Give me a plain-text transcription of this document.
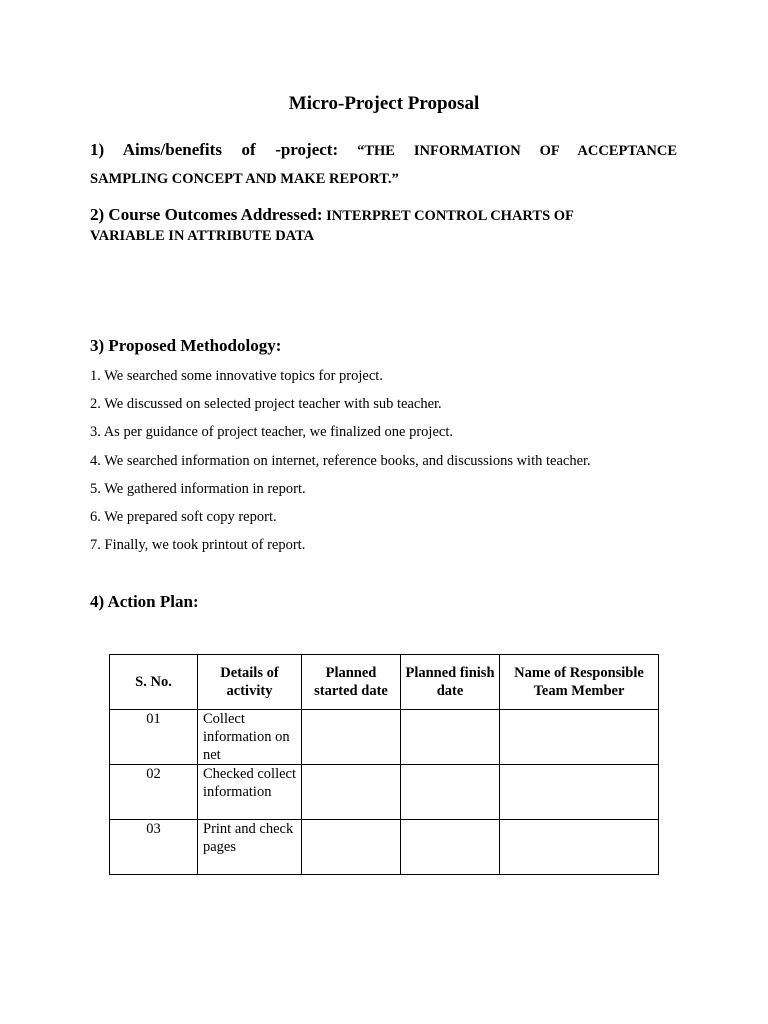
Micro-Project Proposal
1) Aims/benefits of -project: “THE INFORMATION OF ACCEPTANCE
SAMPLING CONCEPT AND MAKE REPORT.”
2) Course Outcomes Addressed: INTERPRET CONTROL CHARTS OF VARIABLE IN ATTRIBUTE DATA
3) Proposed Methodology:
1. We searched some innovative topics for project.
2. We discussed on selected project teacher with sub teacher.
3. As per guidance of project teacher, we finalized one project.
4. We searched information on internet, reference books, and discussions with teacher.
5. We gathered information in report.
6. We prepared soft copy report.
7. Finally, we took printout of report.
4) Action Plan:
S. No.	Details of activity	Planned started date	Planned finish date	Name of Responsible Team Member
01	Collect information on net			
02	Checked collect information			
03	Print and check pages			
